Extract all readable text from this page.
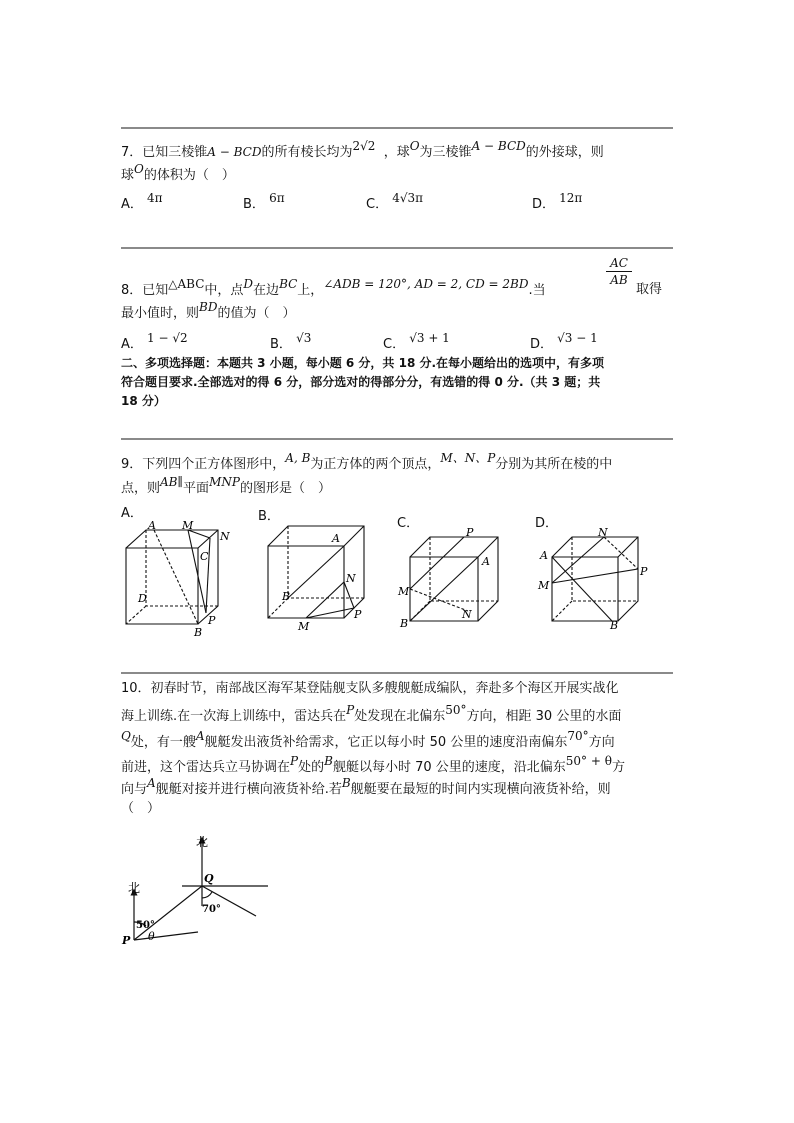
7．已知三棱锥A − BCD的所有棱长均为2√2 ，球O为三棱锥A − BCD的外接球，则
球O的体积为（　）
A． 4π	B． 6π	C． 4√3π	D． 12π
8．已知△ABC中，点D在边BC上，∠ADB = 120°, AD = 2, CD = 2BD.当
AC
AB
取得
最小值时，则BD的值为（　）
A． 1 − √2	B． √3	C． √3 + 1	D． √3 − 1
二、多项选择题：本题共 3 小题，每小题 6 分，共 18 分.在每小题给出的选项中，有多项
符合题目要求.全部选对的得 6 分，部分选对的得部分分，有选错的得 0 分.（共 3 题；共
18 分）
9．下列四个正方体图形中，A, B为正方体的两个顶点，M、N、P分别为其所在棱的中
点，则AB∥平面MNP的图形是（　）
A．	B．	C．	D．
A M
N
C
D
B
P
A
N
B
M
P
P
A
M
B
N
N
A
M
P
B
10．初春时节，南部战区海军某登陆舰支队多艘舰艇成编队，奔赴多个海区开展实战化
海上训练.在一次海上训练中，雷达兵在P处发现在北偏东50°方向，相距 30 公里的水面
Q处，有一艘A舰艇发出液货补给需求，它正以每小时 50 公里的速度沿南偏东70°方向
前进，这个雷达兵立马协调在P处的B舰艇以每小时 70 公里的速度，沿北偏东50° + θ方
向与A舰艇对接并进行横向液货补给.若B舰艇要在最短的时间内实现横向液货补给，则
（　）
北
北
Q
P
50°
70°
θ
